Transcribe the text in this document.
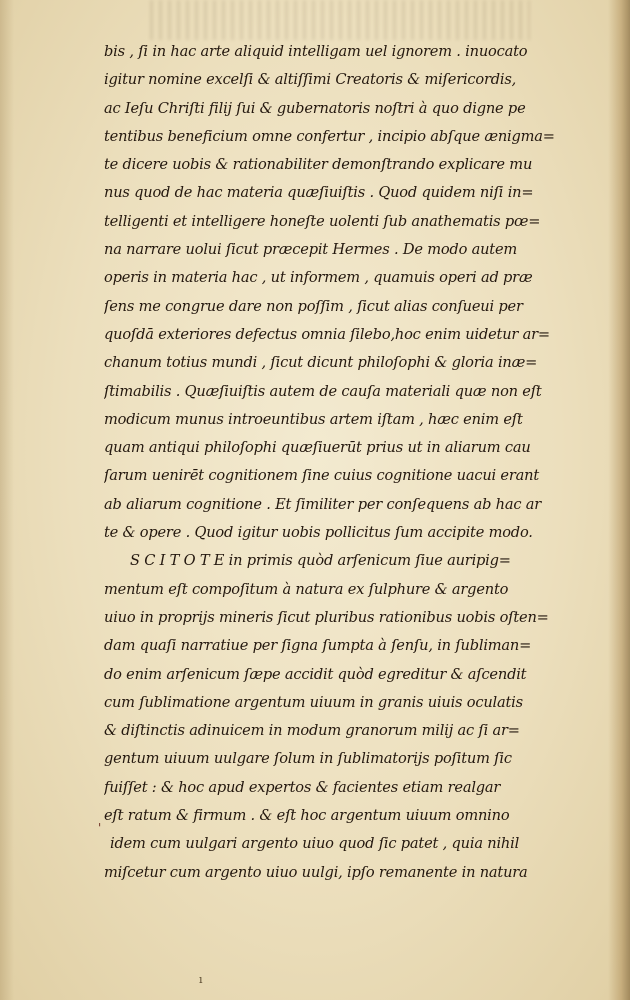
bis , ſi in hac arte aliquid intelligam uel ignorem . inuocato
igitur nomine excelſi & altiſſimi Creatoris & miſericordis,
ac Ieſu Chriſti filij ſui & gubernatoris noſtri à quo digne pe
tentibus beneficium omne confertur , incipio abſque ænigma=
te dicere uobis & rationabiliter demonſtrando explicare mu
nus quod de hac materia quæſiuiſtis . Quod quidem niſi in=
telligenti et intelligere honeſte uolenti ſub anathematis pœ=
na narrare uolui ſicut præcepit Hermes . De modo autem
operis in materia hac , ut informem , quamuis operi ad præ
ſens me congrue dare non poſſim , ſicut alias conſueui per
quoſdā exteriores defectus omnia ſilebo,hoc enim uidetur ar=
chanum totius mundi , ſicut dicunt philoſophi & gloria inæ=
ſtimabilis . Quæſiuiſtis autem de cauſa materiali quæ non eſt
modicum munus introeuntibus artem iſtam , hæc enim eſt
quam antiqui philoſophi quæſiuerūt prius ut in aliarum cau
ſarum uenirēt cognitionem ſine cuius cognitione uacui erant
ab aliarum cognitione . Et ſimiliter per conſequens ab hac ar
te & opere . Quod igitur uobis pollicitus ſum accipite modo.
S C I T O T E in primis quòd arſenicum ſiue auripig=
mentum eſt compoſitum à natura ex ſulphure & argento
uiuo in proprijs mineris ſicut pluribus rationibus uobis oſten=
dam quaſi narratiue per ſigna ſumpta à ſenſu, in ſubliman=
do enim arſenicum ſæpe accidit quòd egreditur & aſcendit
cum ſublimatione argentum uiuum in granis uiuis oculatis
& diſtinctis adinuicem in modum granorum milij ac ſi ar=
gentum uiuum uulgare ſolum in ſublimatorijs poſitum ſic
fuiſſet : & hoc apud expertos & facientes etiam realgar
eſt ratum & firmum . & eſt hoc argentum uiuum omnino
idem cum uulgari argento uiuo quod ſic patet , quia nihil
miſcetur cum argento uiuo uulgi, ipſo remanente in natura
'
ı
